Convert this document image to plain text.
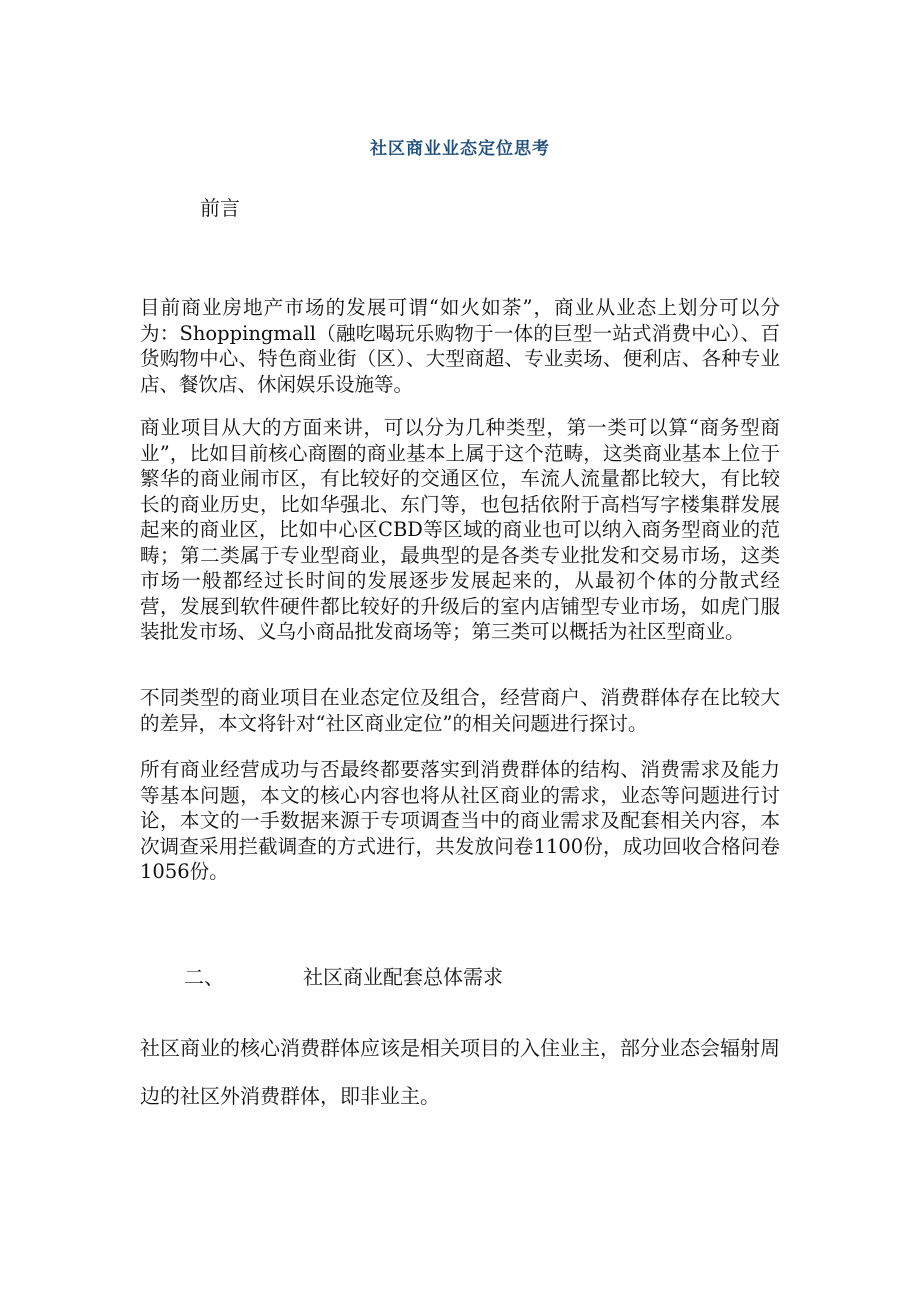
社区商业业态定位思考
前言

目前商业房地产市场的发展可谓“如火如荼”，商业从业态上划分可以分为：Shoppingmall（融吃喝玩乐购物于一体的巨型一站式消费中心）、百货购物中心、特色商业街（区）、大型商超、专业卖场、便利店、各种专业店、餐饮店、休闲娱乐设施等。

商业项目从大的方面来讲，可以分为几种类型，第一类可以算“商务型商业”，比如目前核心商圈的商业基本上属于这个范畴，这类商业基本上位于繁华的商业闹市区，有比较好的交通区位，车流人流量都比较大，有比较长的商业历史，比如华强北、东门等，也包括依附于高档写字楼集群发展起来的商业区，比如中心区CBD等区域的商业也可以纳入商务型商业的范畴；第二类属于专业型商业，最典型的是各类专业批发和交易市场，这类市场一般都经过长时间的发展逐步发展起来的，从最初个体的分散式经营，发展到软件硬件都比较好的升级后的室内店铺型专业市场，如虎门服装批发市场、义乌小商品批发商场等；第三类可以概括为社区型商业。

不同类型的商业项目在业态定位及组合，经营商户、消费群体存在比较大的差异，本文将针对“社区商业定位”的相关问题进行探讨。

所有商业经营成功与否最终都要落实到消费群体的结构、消费需求及能力等基本问题，本文的核心内容也将从社区商业的需求，业态等问题进行讨论，本文的一手数据来源于专项调查当中的商业需求及配套相关内容，本次调查采用拦截调查的方式进行，共发放问卷1100份，成功回收合格问卷1056份。

二、	社区商业配套总体需求

社区商业的核心消费群体应该是相关项目的入住业主，部分业态会辐射周边的社区外消费群体，即非业主。
